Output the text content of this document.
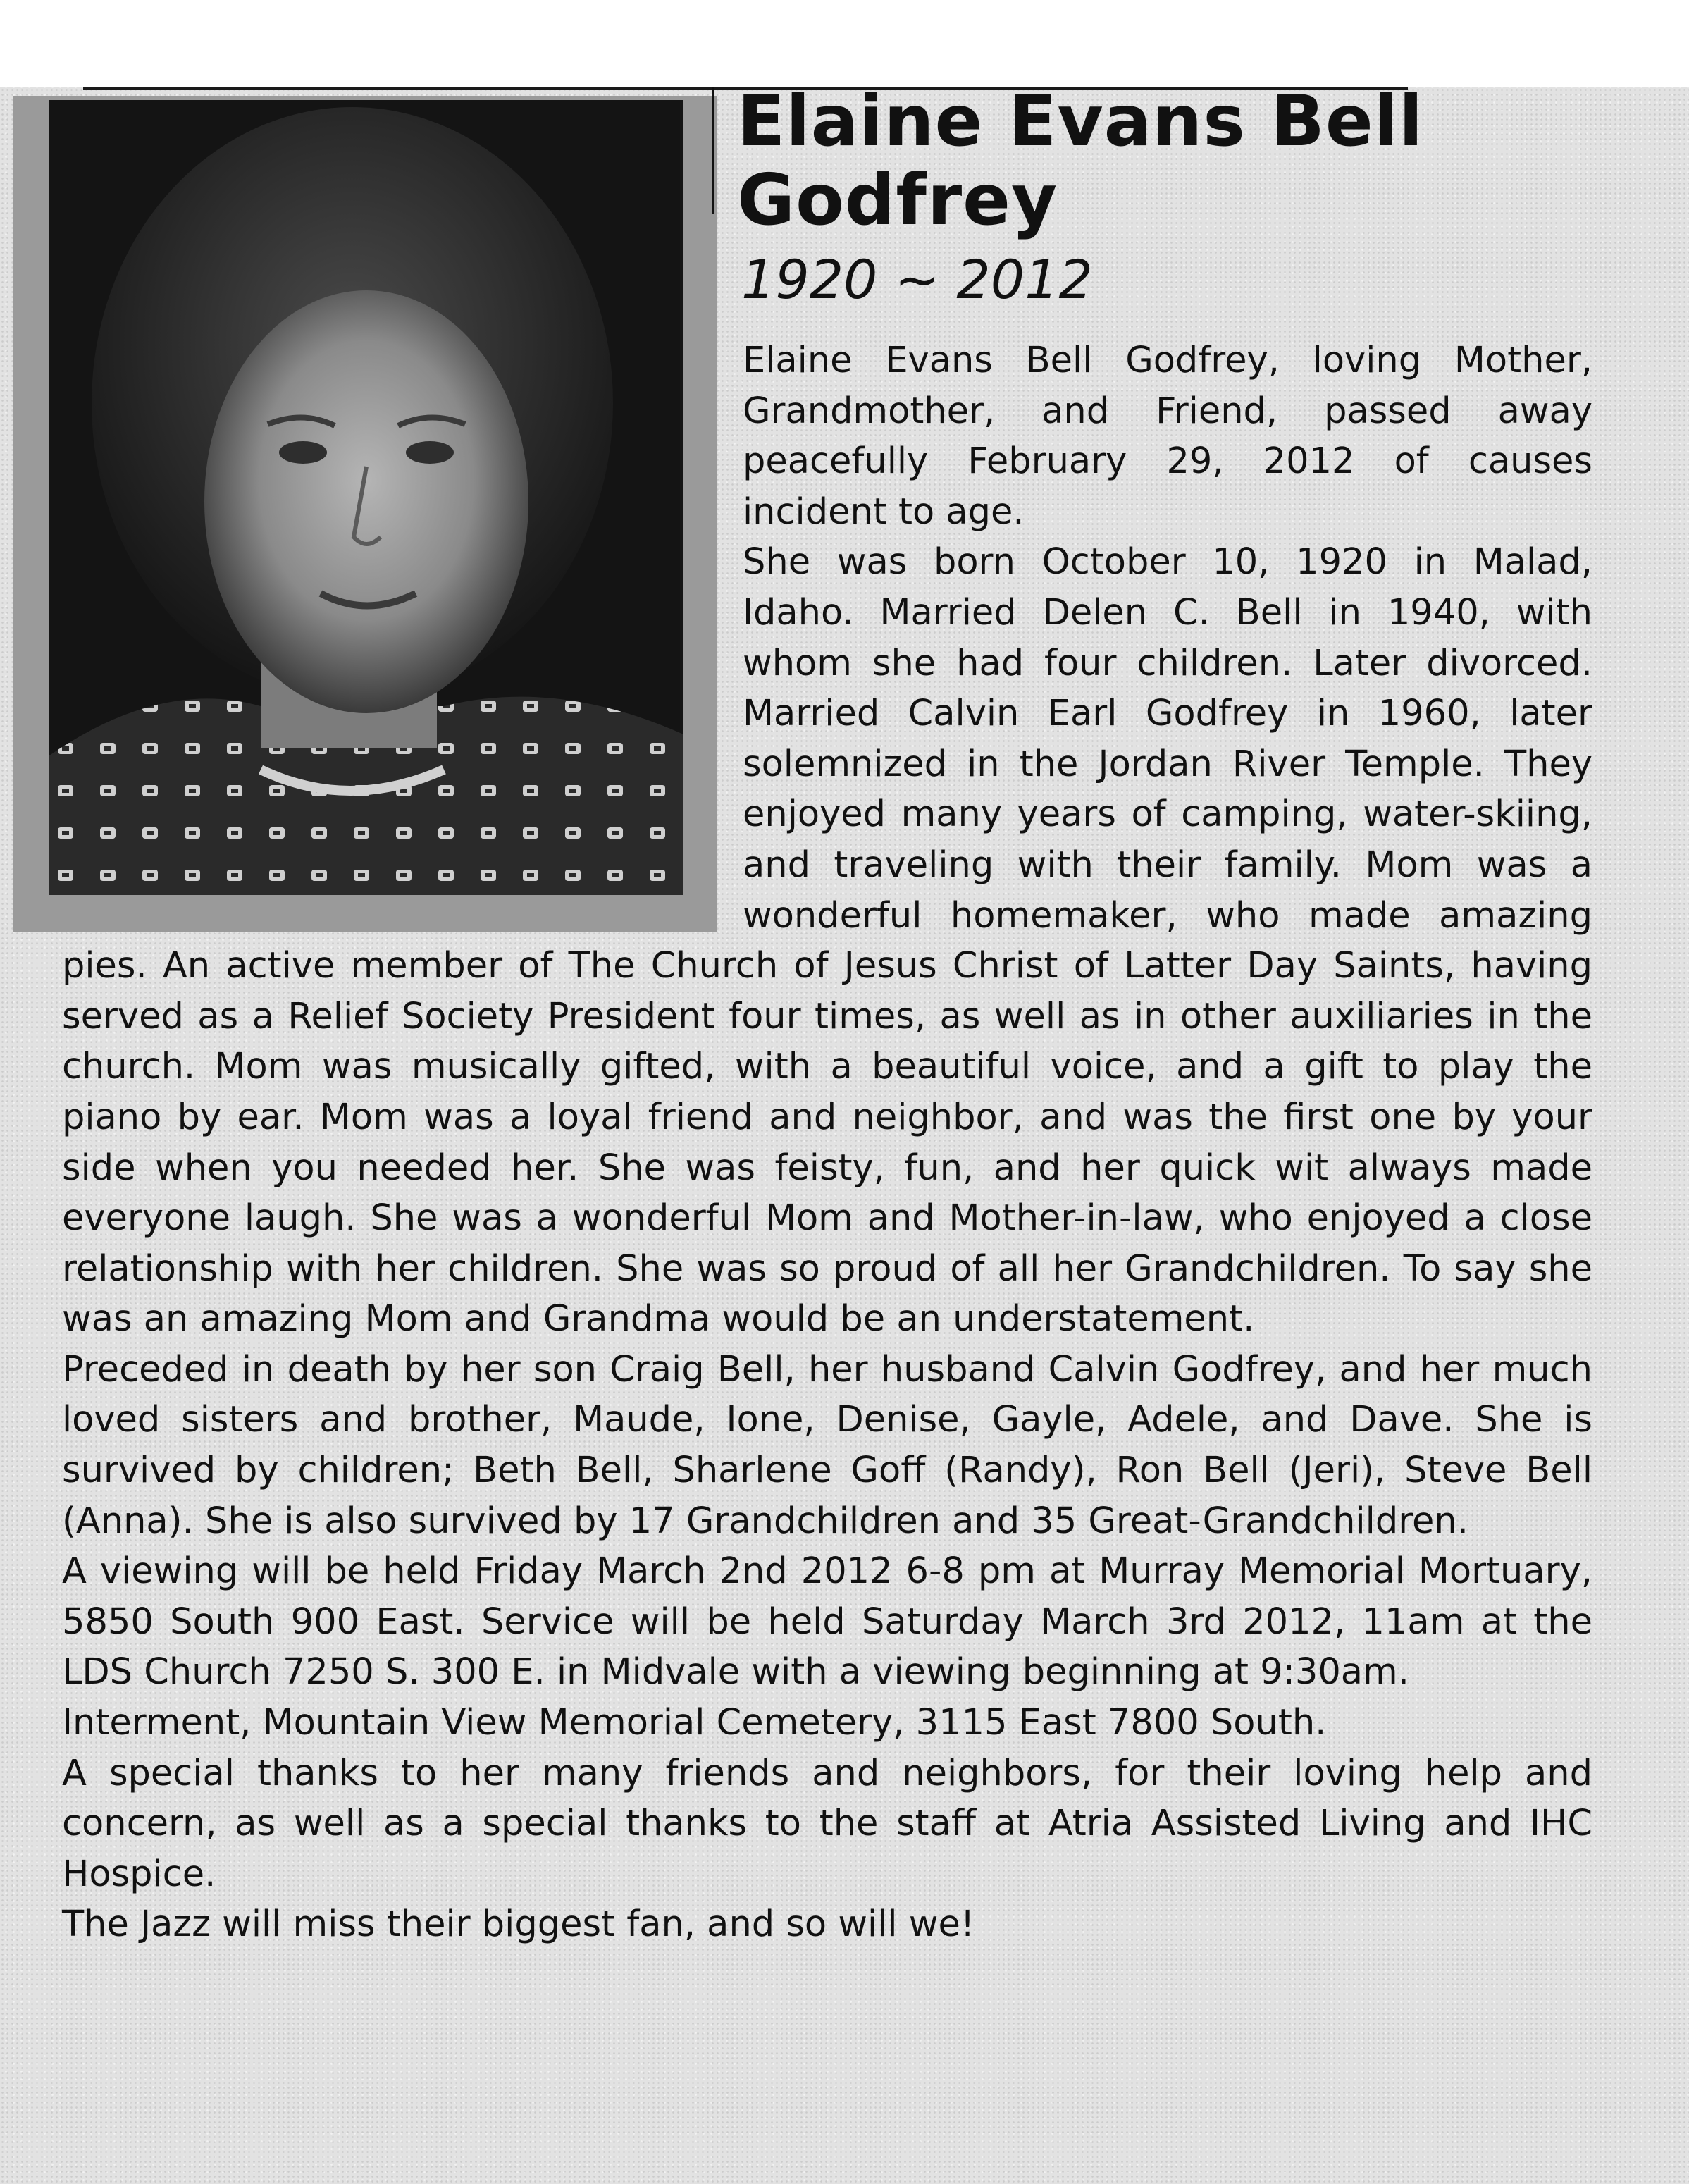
Elaine Evans Bell Godfrey
1920 ~ 2012

Elaine Evans Bell Godfrey, loving Mother, Grandmother, and Friend, passed away peacefully February 29, 2012 of causes incident to age.

She was born October 10, 1920 in Malad, Idaho. Married Delen C. Bell in 1940, with whom she had four children. Later divorced. Married Calvin Earl Godfrey in 1960, later solemnized in the Jordan River Temple. They enjoyed many years of camping, water-skiing, and traveling with their family. Mom was a wonderful homemaker, who made amazing pies. An active member of The Church of Jesus Christ of Latter Day Saints, having served as a Relief Society President four times, as well as in other auxiliaries in the church. Mom was musically gifted, with a beautiful voice, and a gift to play the piano by ear. Mom was a loyal friend and neighbor, and was the first one by your side when you needed her. She was feisty, fun, and her quick wit always made everyone laugh. She was a wonderful Mom and Mother-in-law, who enjoyed a close relationship with her children. She was so proud of all her Grandchildren. To say she was an amazing Mom and Grandma would be an understatement.

Preceded in death by her son Craig Bell, her husband Calvin Godfrey, and her much loved sisters and brother, Maude, Ione, Denise, Gayle, Adele, and Dave. She is survived by children; Beth Bell, Sharlene Goff (Randy), Ron Bell (Jeri), Steve Bell (Anna). She is also survived by 17 Grandchildren and 35 Great-Grandchildren.

A viewing will be held Friday March 2nd 2012 6-8 pm at Murray Memorial Mortuary, 5850 South 900 East. Service will be held Saturday March 3rd 2012, 11am at the LDS Church 7250 S. 300 E. in Midvale with a viewing beginning at 9:30am.

Interment, Mountain View Memorial Cemetery, 3115 East 7800 South.

A special thanks to her many friends and neighbors, for their loving help and concern, as well as a special thanks to the staff at Atria Assisted Living and IHC Hospice.

The Jazz will miss their biggest fan, and so will we!
